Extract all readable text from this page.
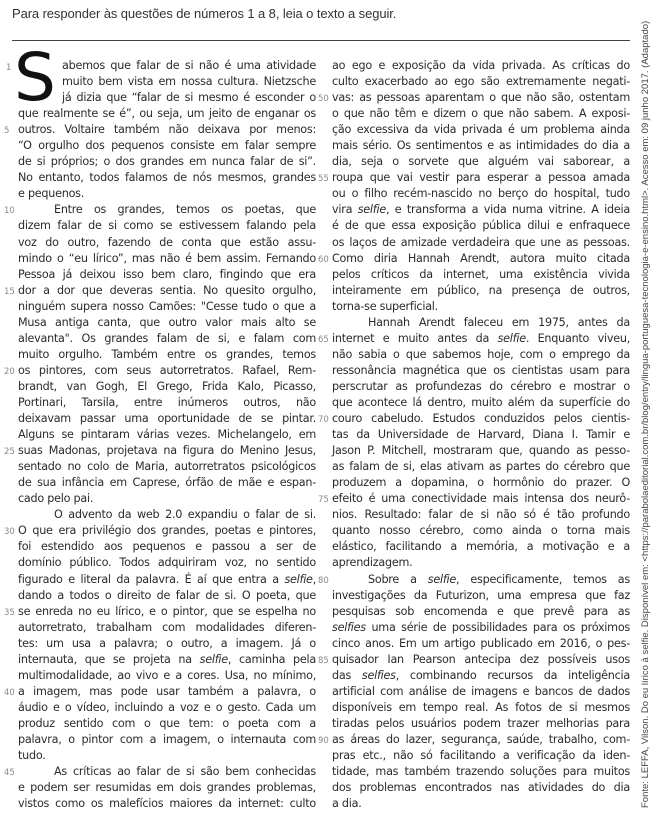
Para responder às questões de números 1 a 8, leia o texto a seguir.
1 S abemos que falar de si não é uma atividade
muito bem vista em nossa cultura. Nietzsche
já dizia que “falar de si mesmo é esconder o
que realmente se é”, ou seja, um jeito de enganar os
5 outros. Voltaire também não deixava por menos:
“O orgulho dos pequenos consiste em falar sempre
de si próprios; o dos grandes em nunca falar de si”.
No entanto, todos falamos de nós mesmos, grandes
e pequenos.
10	Entre os grandes, temos os poetas, que
dizem falar de si como se estivessem falando pela
voz do outro, fazendo de conta que estão assu-
mindo o “eu lírico”, mas não é bem assim. Fernando
Pessoa já deixou isso bem claro, fingindo que era
15 dor a dor que deveras sentia. No quesito orgulho,
ninguém supera nosso Camões: "Cesse tudo o que a
Musa antiga canta, que outro valor mais alto se
alevanta". Os grandes falam de si, e falam com
muito orgulho. Também entre os grandes, temos
20 os pintores, com seus autorretratos. Rafael, Rem-
brandt, van Gogh, El Grego, Frida Kalo, Picasso,
Portinari, Tarsila, entre inúmeros outros, não
deixavam passar uma oportunidade de se pintar.
Alguns se pintaram várias vezes. Michelangelo, em
25 suas Madonas, projetava na figura do Menino Jesus,
sentado no colo de Maria, autorretratos psicológicos
de sua infância em Caprese, órfão de mãe e espan-
cado pelo pai.
O advento da web 2.0 expandiu o falar de si.
30 O que era privilégio dos grandes, poetas e pintores,
foi estendido aos pequenos e passou a ser de
domínio público. Todos adquiriram voz, no sentido
figurado e literal da palavra. É aí que entra a selfie,
dando a todos o direito de falar de si. O poeta, que
35 se enreda no eu lírico, e o pintor, que se espelha no
autorretrato, trabalham com modalidades diferen-
tes: um usa a palavra; o outro, a imagem. Já o
internauta, que se projeta na selfie, caminha pela
multimodalidade, ao vivo e a cores. Usa, no mínimo,
40 a imagem, mas pode usar também a palavra, o
áudio e o vídeo, incluindo a voz e o gesto. Cada um
produz sentido com o que tem: o poeta com a
palavra, o pintor com a imagem, o internauta com
tudo.
45	As críticas ao falar de si são bem conhecidas
e podem ser resumidas em dois grandes problemas,
vistos como os malefícios maiores da internet: culto
ao ego e exposição da vida privada. As críticas do
culto exacerbado ao ego são extremamente negati-
50 vas: as pessoas aparentam o que não são, ostentam
o que não têm e dizem o que não sabem. A exposi-
ção excessiva da vida privada é um problema ainda
mais sério. Os sentimentos e as intimidades do dia a
dia, seja o sorvete que alguém vai saborear, a
55 roupa que vai vestir para esperar a pessoa amada
ou o filho recém-nascido no berço do hospital, tudo
vira selfie, e transforma a vida numa vitrine. A ideia
é de que essa exposição pública dilui e enfraquece
os laços de amizade verdadeira que une as pessoas.
60 Como diria Hannah Arendt, autora muito citada
pelos críticos da internet, uma existência vivida
inteiramente em público, na presença de outros,
torna-se superficial.
Hannah Arendt faleceu em 1975, antes da
65 internet e muito antes da selfie. Enquanto viveu,
não sabia o que sabemos hoje, com o emprego da
ressonância magnética que os cientistas usam para
perscrutar as profundezas do cérebro e mostrar o
que acontece lá dentro, muito além da superfície do
70 couro cabeludo. Estudos conduzidos pelos cientis-
tas da Universidade de Harvard, Diana I. Tamir e
Jason P. Mitchell, mostraram que, quando as pesso-
as falam de si, elas ativam as partes do cérebro que
produzem a dopamina, o hormônio do prazer. O
75 efeito é uma conectividade mais intensa dos neurô-
nios. Resultado: falar de si não só é tão profundo
quanto nosso cérebro, como ainda o torna mais
elástico, facilitando a memória, a motivação e a
aprendizagem.
80	Sobre a selfie, especificamente, temos as
investigações da Futurizon, uma empresa que faz
pesquisas sob encomenda e que prevê para as
selfies uma série de possibilidades para os próximos
cinco anos. Em um artigo publicado em 2016, o pes-
85 quisador Ian Pearson antecipa dez possíveis usos
das selfies, combinando recursos da inteligência
artificial com análise de imagens e bancos de dados
disponíveis em tempo real. As fotos de si mesmos
tiradas pelos usuários podem trazer melhorias para
90 as áreas do lazer, segurança, saúde, trabalho, com-
pras etc., não só facilitando a verificação da iden-
tidade, mas também trazendo soluções para muitos
dos problemas encontrados nas atividades do dia
a dia.	Fonte: LEFFA, Vilson. Do eu lírico à selfie. Disponível em: <https://parabolaeditorial.com.br/blog/entry/lingua-portuguesa-tecnologia-e-ensino.html>. Acesso em: 09 junho 2017. (Adaptado)
